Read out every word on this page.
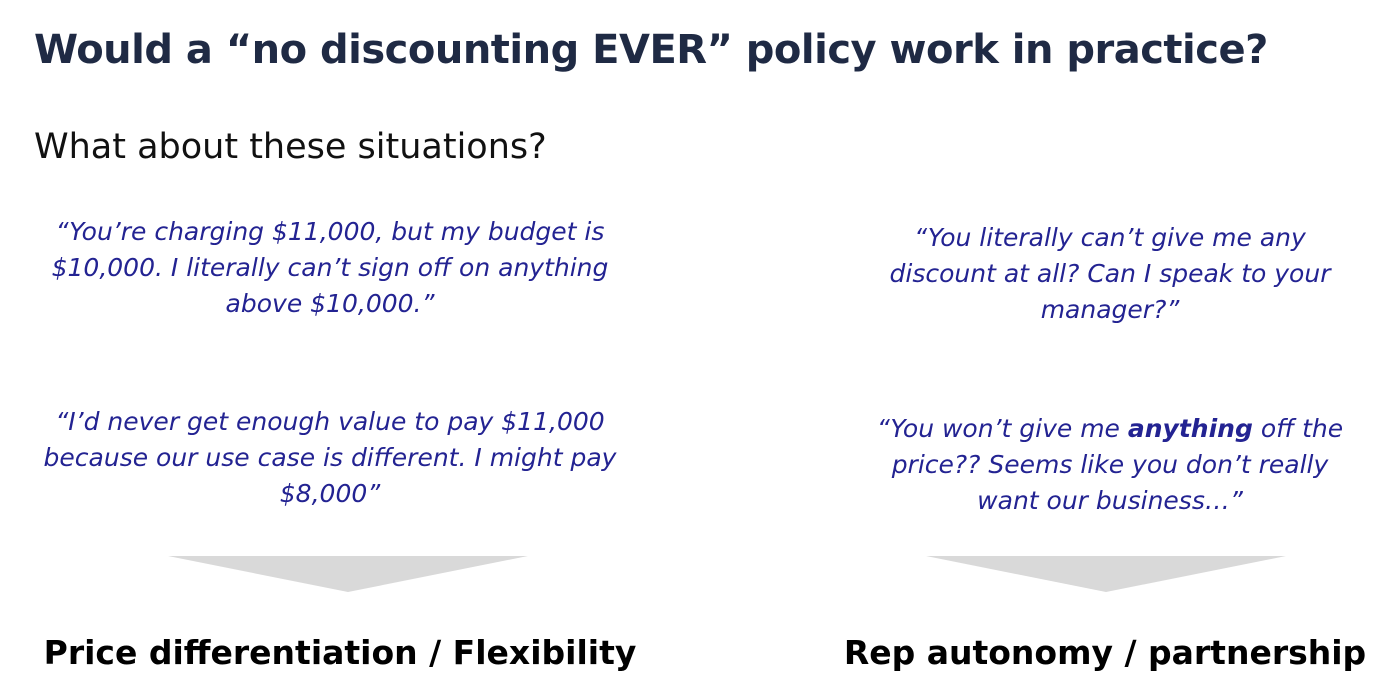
Would a “no discounting EVER” policy work in practice?
What about these situations?
“You’re charging $11,000, but my budget is $10,000. I literally can’t sign off on anything above $10,000.”
“I’d never get enough value to pay $11,000 because our use case is different. I might pay $8,000”
“You literally can’t give me any discount at all? Can I speak to your manager?”
“You won’t give me anything off the price?? Seems like you don’t really want our business…”
Price differentiation / Flexibility	Rep autonomy / partnership
